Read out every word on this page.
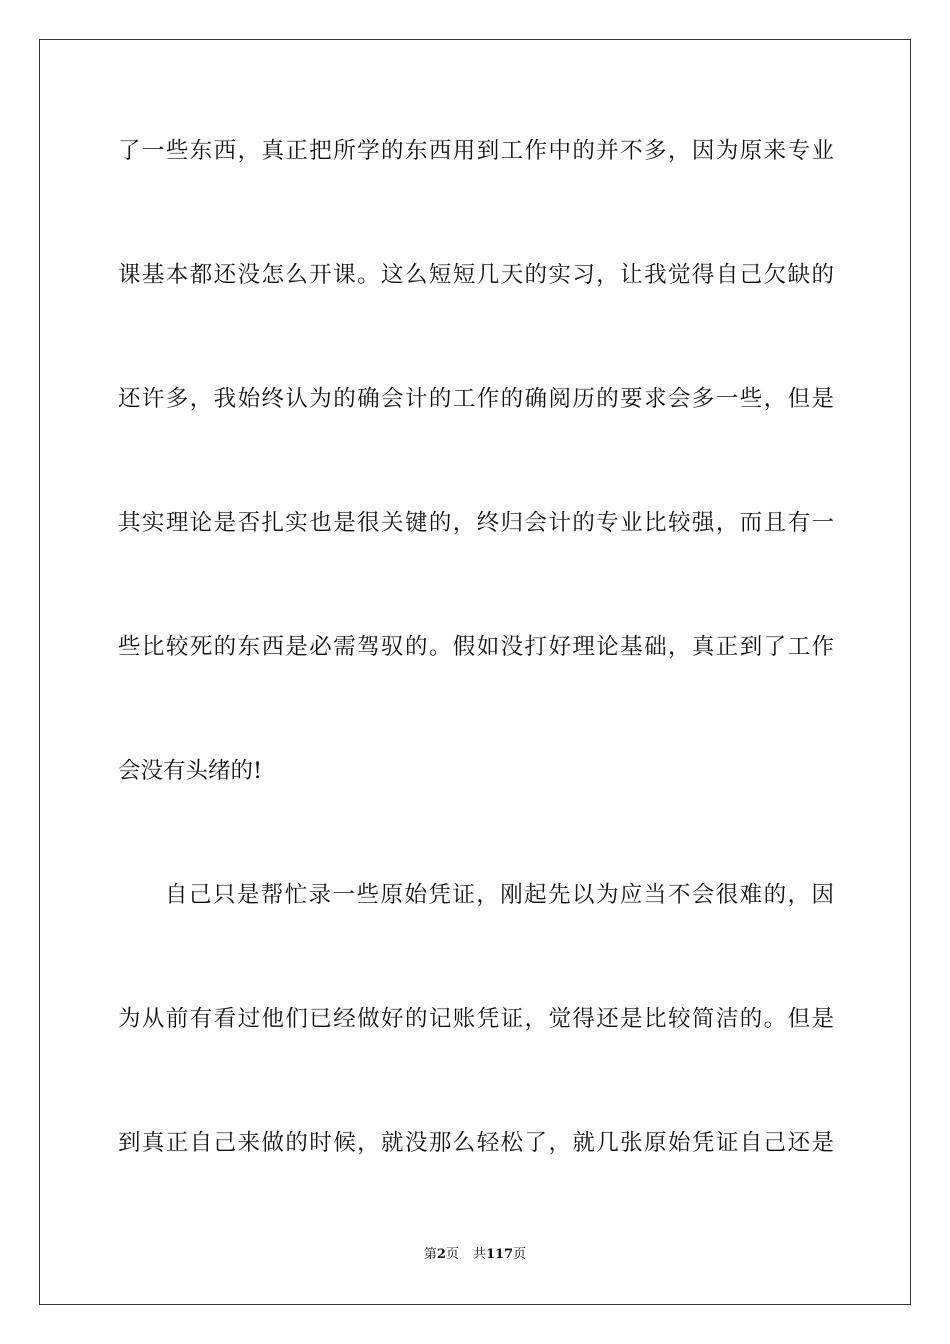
了一些东西，真正把所学的东西用到工作中的并不多，因为原来专业
课基本都还没怎么开课。这么短短几天的实习，让我觉得自己欠缺的
还许多，我始终认为的确会计的工作的确阅历的要求会多一些，但是
其实理论是否扎实也是很关键的，终归会计的专业比较强，而且有一
些比较死的东西是必需驾驭的。假如没打好理论基础，真正到了工作
会没有头绪的!
自己只是帮忙录一些原始凭证，刚起先以为应当不会很难的，因
为从前有看过他们已经做好的记账凭证，觉得还是比较简洁的。但是
到真正自己来做的时候，就没那么轻松了，就几张原始凭证自己还是
第2页 共117页
